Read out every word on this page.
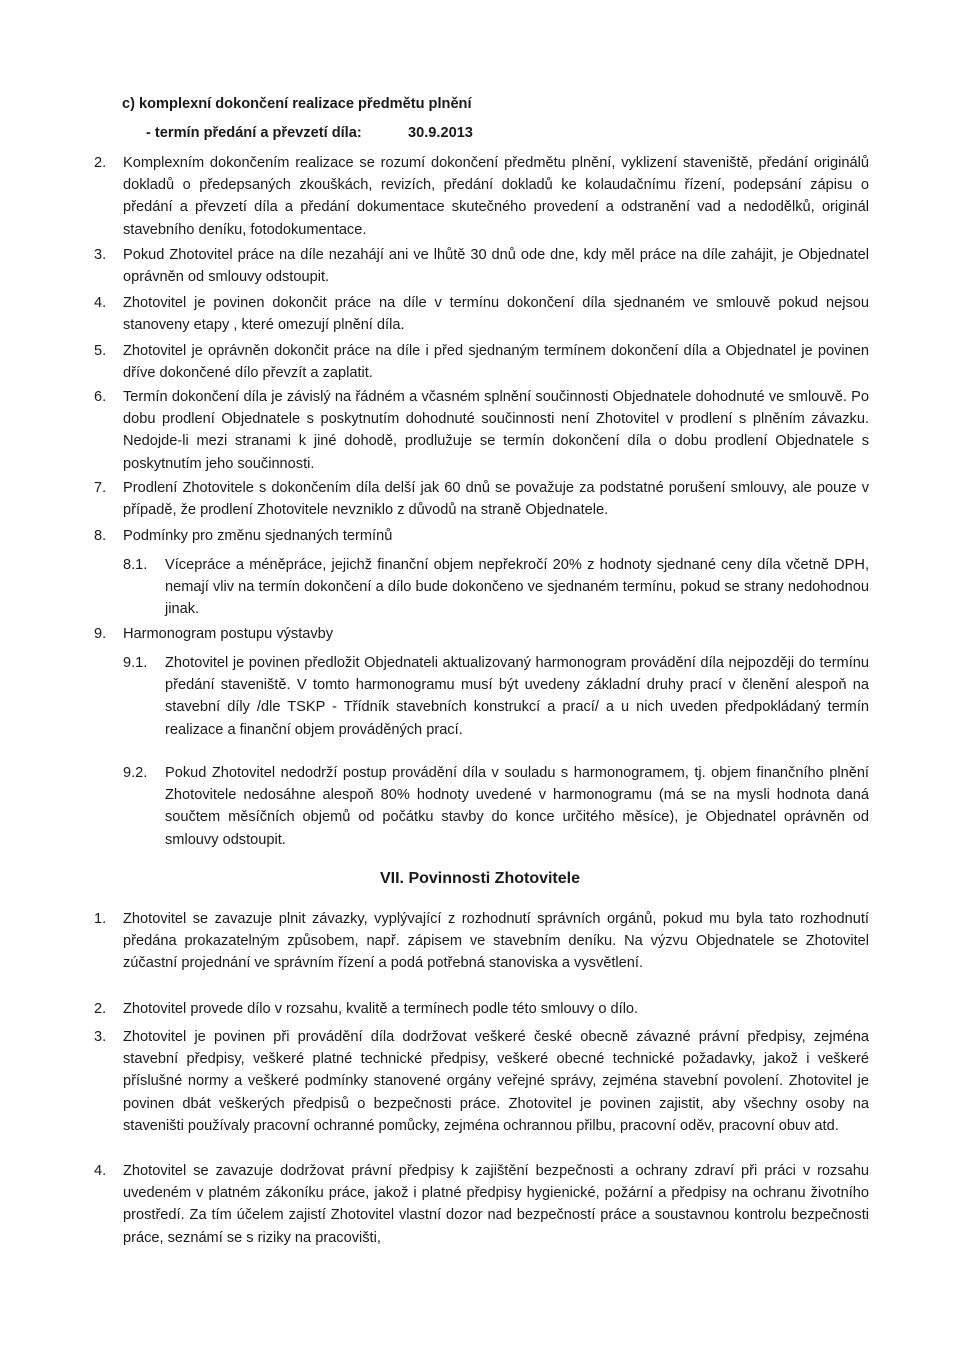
c) komplexní dokončení realizace předmětu plnění
- termín předání a převzetí díla:	30.9.2013
2. Komplexním dokončením realizace se rozumí dokončení předmětu plnění, vyklizení staveniště, předání originálů dokladů o předepsaných zkouškách, revizích, předání dokladů ke kolaudačnímu řízení, podepsání zápisu o předání a převzetí díla a předání dokumentace skutečného provedení a odstranění vad a nedodělků, originál stavebního deníku, fotodokumentace.
3. Pokud Zhotovitel práce na díle nezahájí ani ve lhůtě 30 dnů ode dne, kdy měl práce na díle zahájit, je Objednatel oprávněn od smlouvy odstoupit.
4. Zhotovitel je povinen dokončit práce na díle v termínu dokončení díla sjednaném ve smlouvě pokud nejsou stanoveny etapy , které omezují plnění díla.
5. Zhotovitel je oprávněn dokončit práce na díle i před sjednaným termínem dokončení díla a Objednatel je povinen dříve dokončené dílo převzít a zaplatit.
6. Termín dokončení díla je závislý na řádném a včasném splnění součinnosti Objednatele dohodnuté ve smlouvě. Po dobu prodlení Objednatele s poskytnutím dohodnuté součinnosti není Zhotovitel v prodlení s plněním závazku. Nedojde-li mezi stranami k jiné dohodě, prodlužuje se termín dokončení díla o dobu prodlení Objednatele s poskytnutím jeho součinnosti.
7. Prodlení Zhotovitele s dokončením díla delší jak 60 dnů se považuje za podstatné porušení smlouvy, ale pouze v případě, že prodlení Zhotovitele nevzniklo z důvodů na straně Objednatele.
8. Podmínky pro změnu sjednaných termínů
8.1. Vícepráce a méněpráce, jejichž finanční objem nepřekročí 20% z hodnoty sjednané ceny díla včetně DPH, nemají vliv na termín dokončení a dílo bude dokončeno ve sjednaném termínu, pokud se strany nedohodnou jinak.
9. Harmonogram postupu výstavby
9.1. Zhotovitel je povinen předložit Objednateli aktualizovaný harmonogram provádění díla nejpozději do termínu předání staveniště. V tomto harmonogramu musí být uvedeny základní druhy prací v členění alespoň na stavební díly /dle TSKP - Třídník stavebních konstrukcí a prací/ a u nich uveden předpokládaný termín realizace a finanční objem prováděných prací.
9.2. Pokud Zhotovitel nedodrží postup provádění díla v souladu s harmonogramem, tj. objem finančního plnění Zhotovitele nedosáhne alespoň 80% hodnoty uvedené v harmonogramu (má se na mysli hodnota daná součtem měsíčních objemů od počátku stavby do konce určitého měsíce), je Objednatel oprávněn od smlouvy odstoupit.
VII. Povinnosti Zhotovitele
1. Zhotovitel se zavazuje plnit závazky, vyplývající z rozhodnutí správních orgánů, pokud mu byla tato rozhodnutí předána prokazatelným způsobem, např. zápisem ve stavebním deníku. Na výzvu Objednatele se Zhotovitel zúčastní projednání ve správním řízení a podá potřebná stanoviska a vysvětlení.
2. Zhotovitel provede dílo v rozsahu, kvalitě a termínech podle této smlouvy o dílo.
3. Zhotovitel je povinen při provádění díla dodržovat veškeré české obecně závazné právní předpisy, zejména stavební předpisy, veškeré platné technické předpisy, veškeré obecné technické požadavky, jakož i veškeré příslušné normy a veškeré podmínky stanovené orgány veřejné správy, zejména stavební povolení. Zhotovitel je povinen dbát veškerých předpisů o bezpečnosti práce. Zhotovitel je povinen zajistit, aby všechny osoby na staveništi používaly pracovní ochranné pomůcky, zejména ochrannou přilbu, pracovní oděv, pracovní obuv atd.
4. Zhotovitel se zavazuje dodržovat právní předpisy k zajištění bezpečnosti a ochrany zdraví při práci v rozsahu uvedeném v platném zákoníku práce, jakož i platné předpisy hygienické, požární a předpisy na ochranu životního prostředí. Za tím účelem zajistí Zhotovitel vlastní dozor nad bezpečností práce a soustavnou kontrolu bezpečnosti práce, seznámí se s riziky na pracovišti,
